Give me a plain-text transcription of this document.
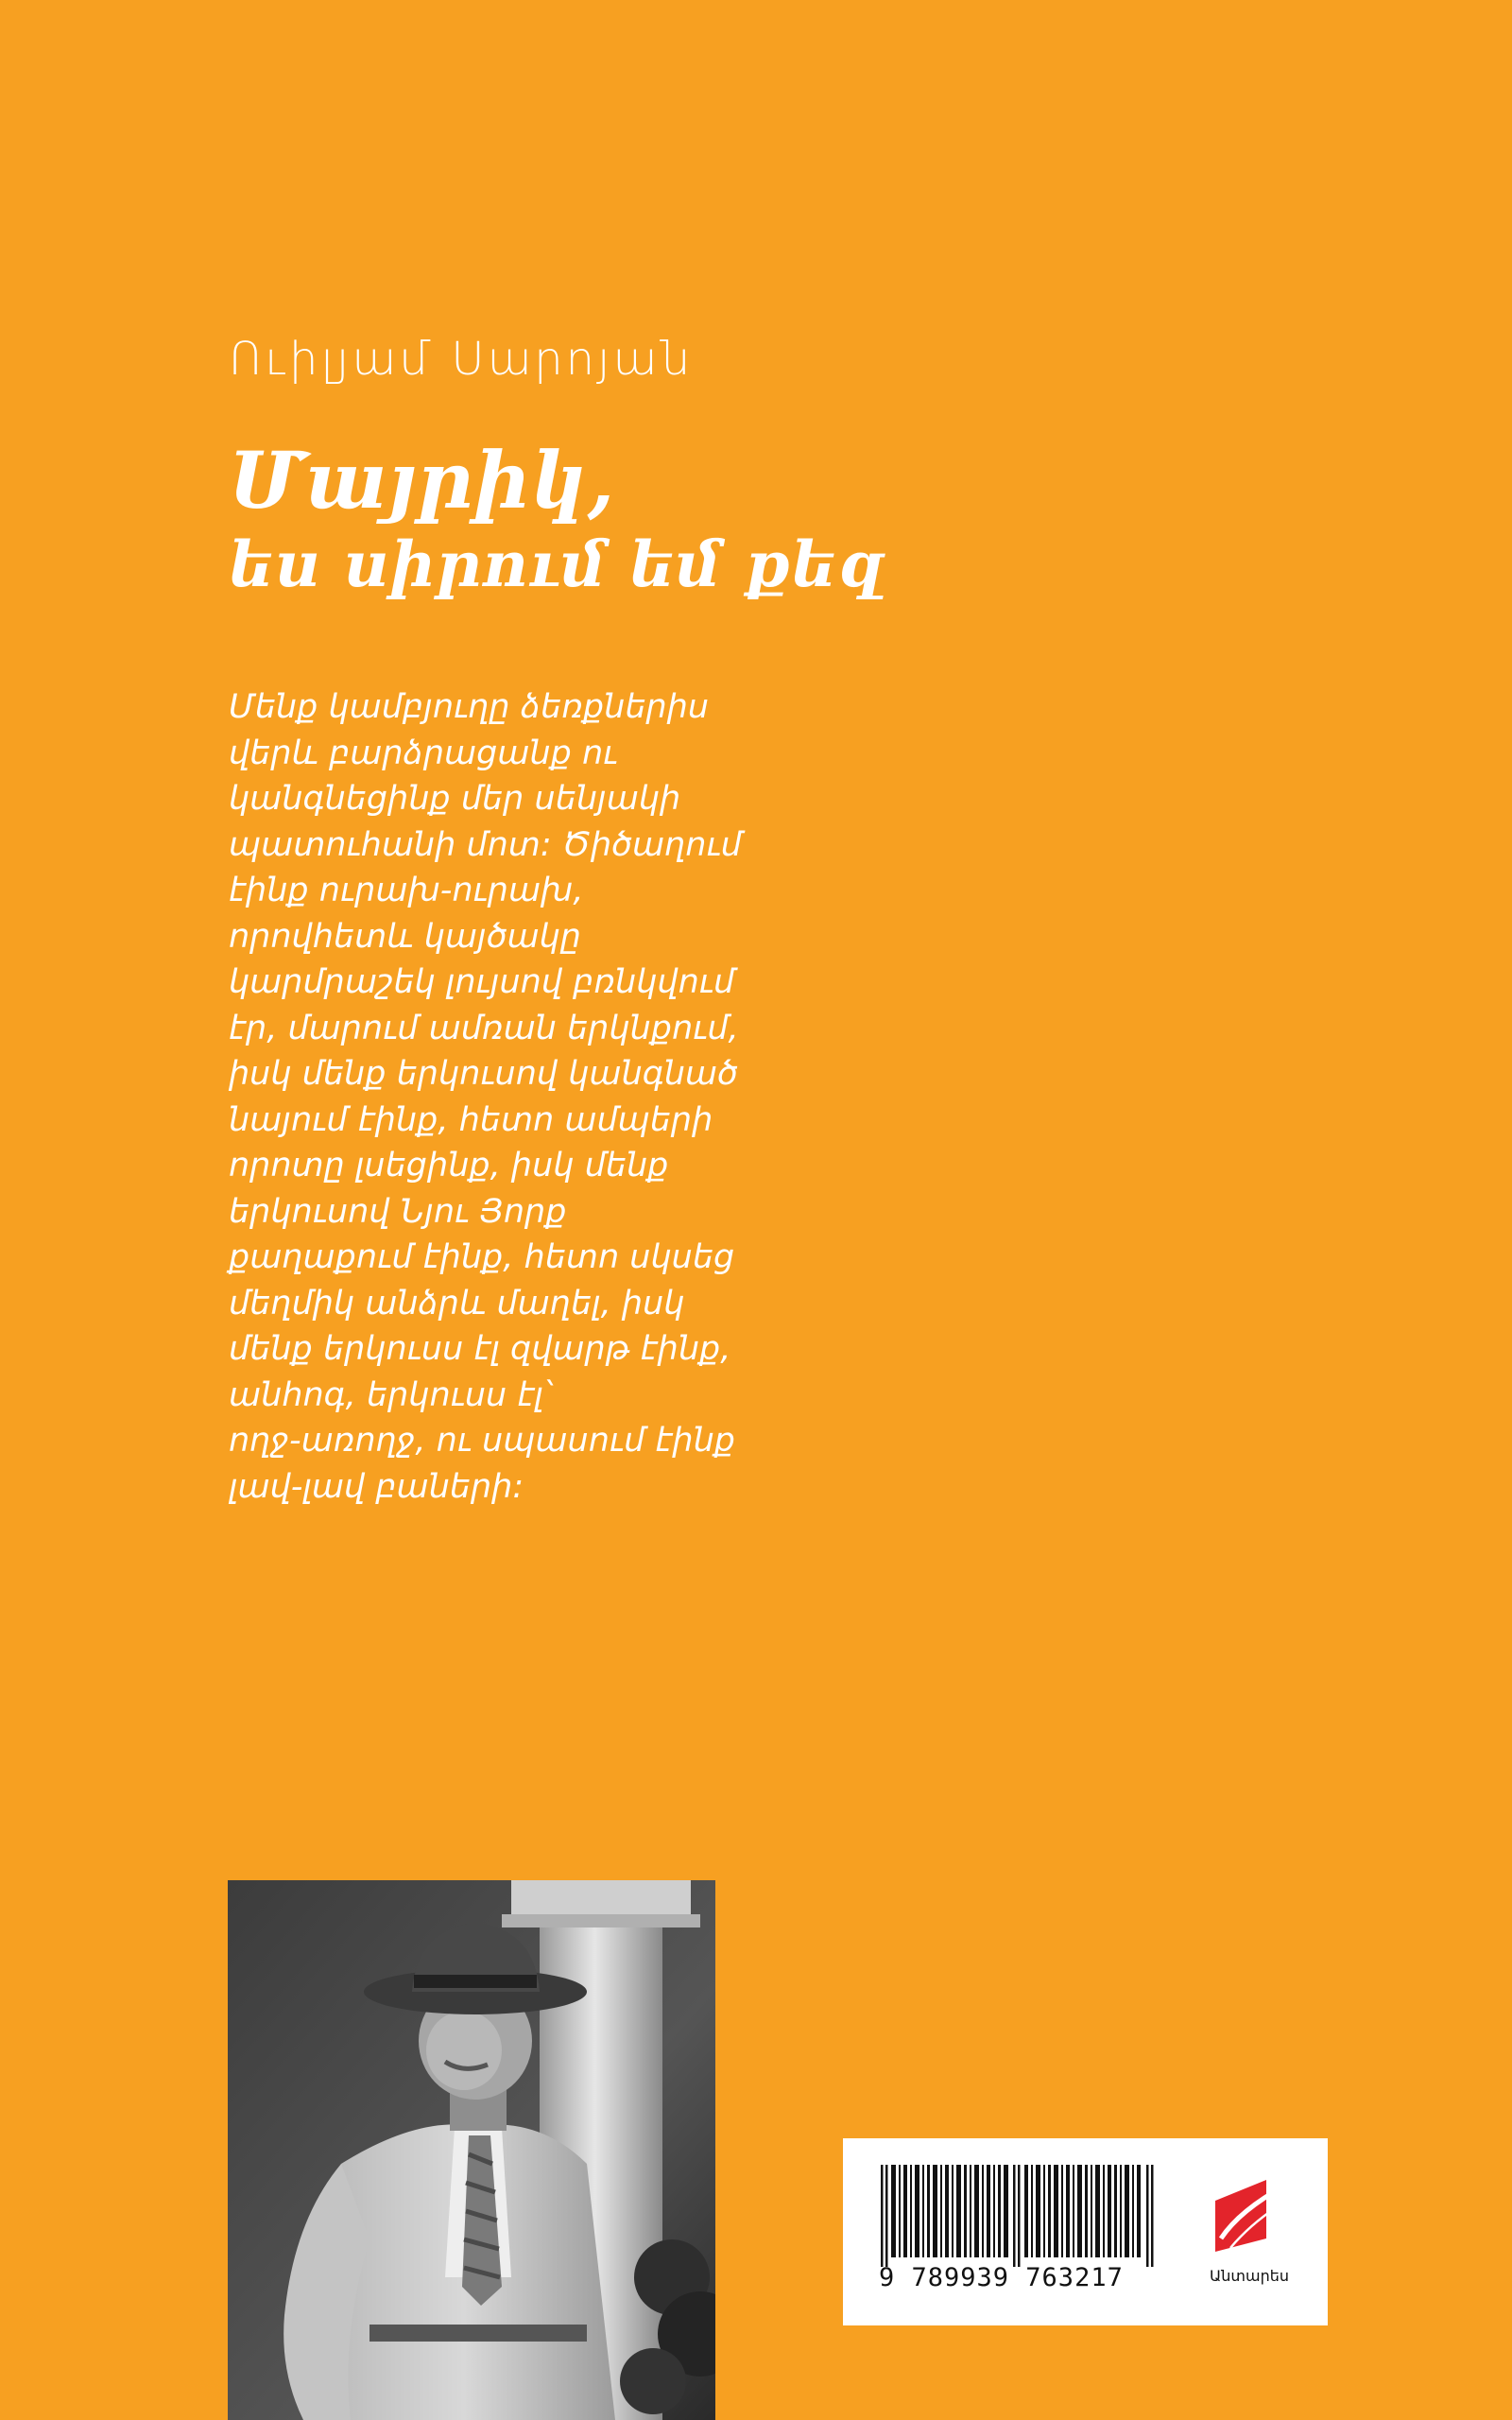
Ուիլյամ Սարոյան
Մայրիկ,
ես սիրում եմ քեզ
Մենք կամբյուղը ձեռքներիս
վերև բարձրացանք ու
կանգնեցինք մեր սենյակի
պատուհանի մոտ: Ծիծաղում
էինք ուրախ-ուրախ,
որովհետև կայծակը
կարմրաշեկ լույսով բռնկվում
էր, մարում ամռան երկնքում,
իսկ մենք երկուսով կանգնած
նայում էինք, հետո ամպերի
որոտը լսեցինք, իսկ մենք
երկուսով Նյու Յորք
քաղաքում էինք, հետո սկսեց
մեղմիկ անձրև մաղել, իսկ
մենք երկուսս էլ զվարթ էինք,
անհոգ, երկուսս էլ՝
ողջ-առողջ, ու սպասում էինք
լավ-լավ բաների:
9 789939 763217	Անտարես
